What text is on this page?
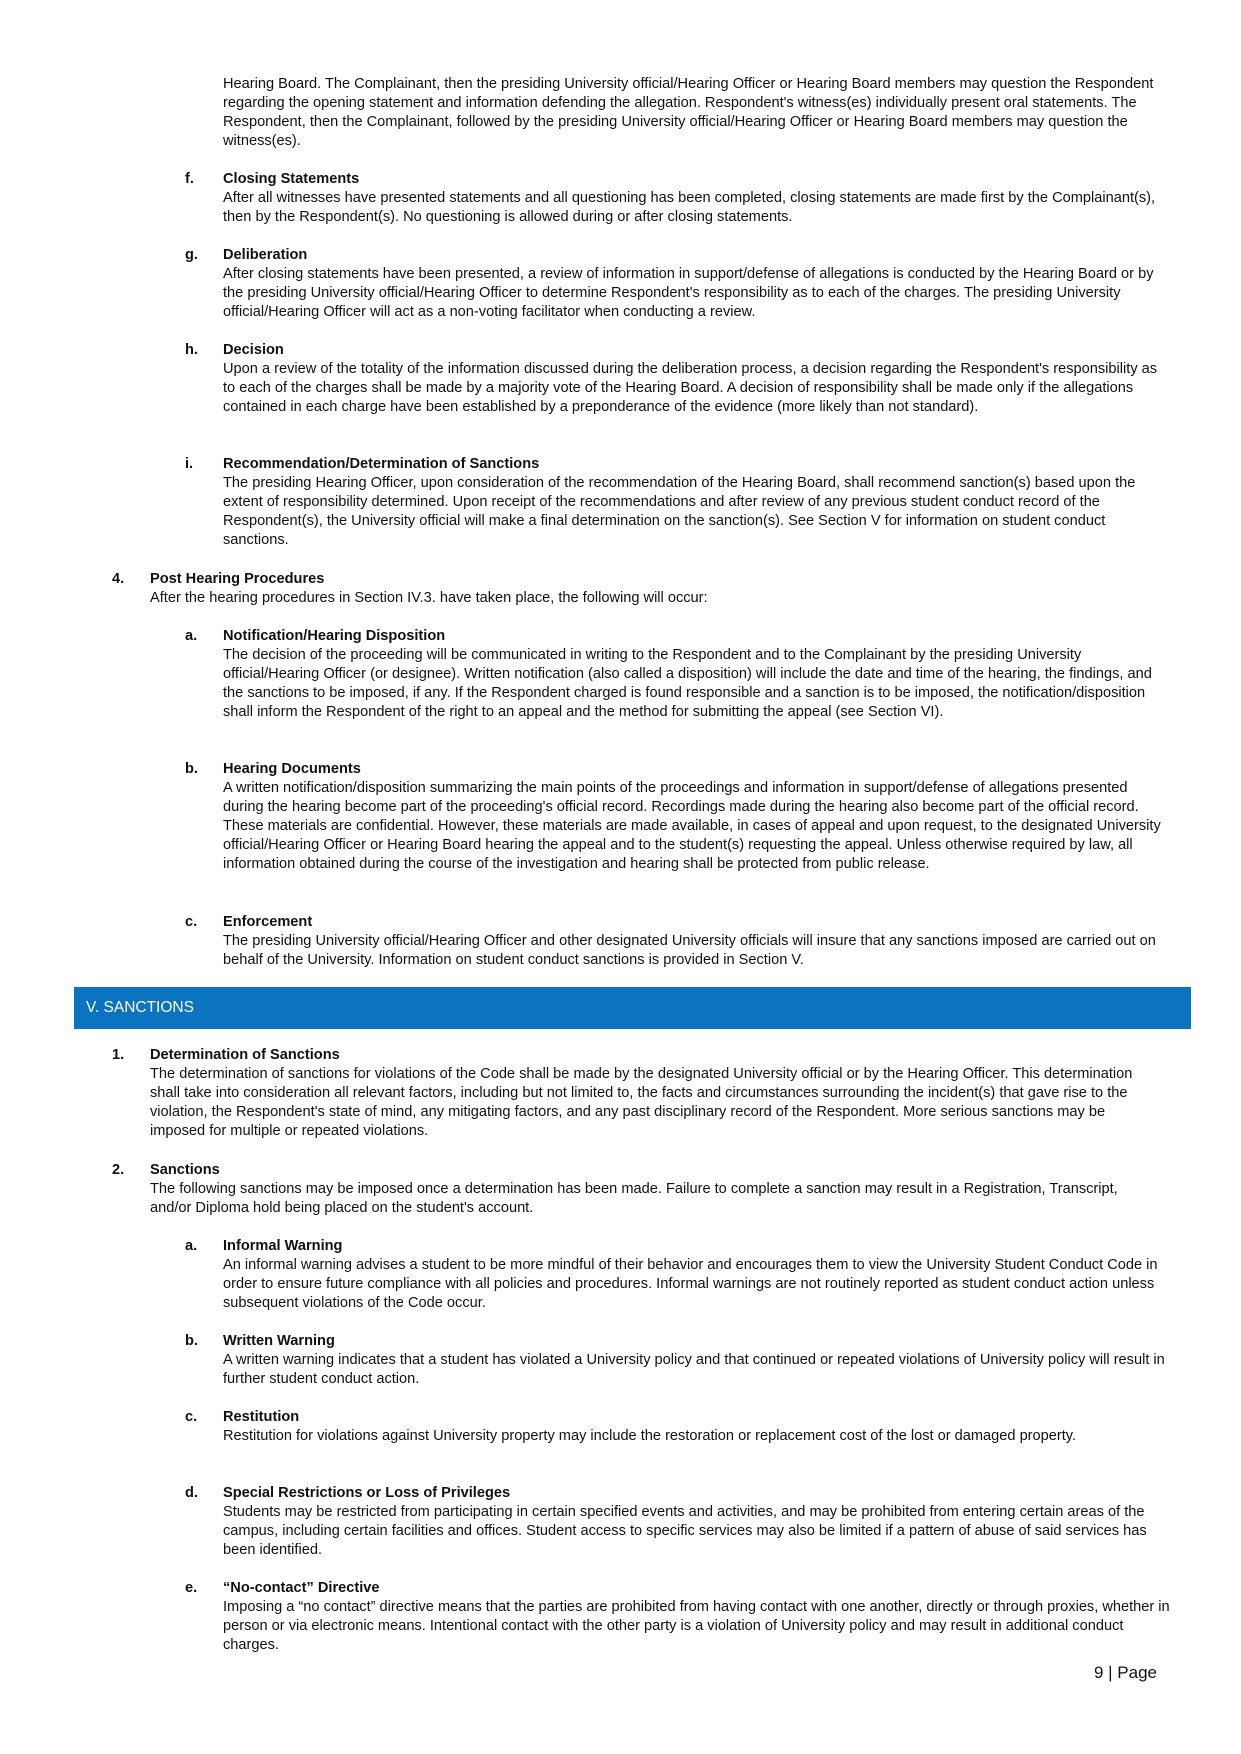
Hearing Board. The Complainant, then the presiding University official/Hearing Officer or Hearing Board members may question the Respondent regarding the opening statement and information defending the allegation. Respondent's witness(es) individually present oral statements. The Respondent, then the Complainant, followed by the presiding University official/Hearing Officer or Hearing Board members may question the witness(es).

f. Closing Statements

After all witnesses have presented statements and all questioning has been completed, closing statements are made first by the Complainant(s), then by the Respondent(s). No questioning is allowed during or after closing statements.

g. Deliberation

After closing statements have been presented, a review of information in support/defense of allegations is conducted by the Hearing Board or by the presiding University official/Hearing Officer to determine Respondent's responsibility as to each of the charges. The presiding University official/Hearing Officer will act as a non-voting facilitator when conducting a review.

h. Decision

Upon a review of the totality of the information discussed during the deliberation process, a decision regarding the Respondent's responsibility as to each of the charges shall be made by a majority vote of the Hearing Board. A decision of responsibility shall be made only if the allegations contained in each charge have been established by a preponderance of the evidence (more likely than not standard).

i. Recommendation/Determination of Sanctions

The presiding Hearing Officer, upon consideration of the recommendation of the Hearing Board, shall recommend sanction(s) based upon the extent of responsibility determined. Upon receipt of the recommendations and after review of any previous student conduct record of the Respondent(s), the University official will make a final determination on the sanction(s). See Section V for information on student conduct sanctions.

4. Post Hearing Procedures

After the hearing procedures in Section IV.3. have taken place, the following will occur:

a. Notification/Hearing Disposition

The decision of the proceeding will be communicated in writing to the Respondent and to the Complainant by the presiding University official/Hearing Officer (or designee). Written notification (also called a disposition) will include the date and time of the hearing, the findings, and the sanctions to be imposed, if any. If the Respondent charged is found responsible and a sanction is to be imposed, the notification/disposition shall inform the Respondent of the right to an appeal and the method for submitting the appeal (see Section VI).

b. Hearing Documents

A written notification/disposition summarizing the main points of the proceedings and information in support/defense of allegations presented during the hearing become part of the proceeding's official record. Recordings made during the hearing also become part of the official record. These materials are confidential. However, these materials are made available, in cases of appeal and upon request, to the designated University official/Hearing Officer or Hearing Board hearing the appeal and to the student(s) requesting the appeal. Unless otherwise required by law, all information obtained during the course of the investigation and hearing shall be protected from public release.

c. Enforcement

The presiding University official/Hearing Officer and other designated University officials will insure that any sanctions imposed are carried out on behalf of the University. Information on student conduct sanctions is provided in Section V.

V. SANCTIONS
1. Determination of Sanctions

The determination of sanctions for violations of the Code shall be made by the designated University official or by the Hearing Officer. This determination shall take into consideration all relevant factors, including but not limited to, the facts and circumstances surrounding the incident(s) that gave rise to the violation, the Respondent's state of mind, any mitigating factors, and any past disciplinary record of the Respondent. More serious sanctions may be imposed for multiple or repeated violations.

2. Sanctions

The following sanctions may be imposed once a determination has been made. Failure to complete a sanction may result in a Registration, Transcript, and/or Diploma hold being placed on the student's account.

a. Informal Warning

An informal warning advises a student to be more mindful of their behavior and encourages them to view the University Student Conduct Code in order to ensure future compliance with all policies and procedures. Informal warnings are not routinely reported as student conduct action unless subsequent violations of the Code occur.

b. Written Warning

A written warning indicates that a student has violated a University policy and that continued or repeated violations of University policy will result in further student conduct action.

c. Restitution

Restitution for violations against University property may include the restoration or replacement cost of the lost or damaged property.

d. Special Restrictions or Loss of Privileges

Students may be restricted from participating in certain specified events and activities, and may be prohibited from entering certain areas of the campus, including certain facilities and offices. Student access to specific services may also be limited if a pattern of abuse of said services has been identified.

e. “No-contact” Directive

Imposing a “no contact” directive means that the parties are prohibited from having contact with one another, directly or through proxies, whether in person or via electronic means. Intentional contact with the other party is a violation of University policy and may result in additional conduct charges.

9 | Page
